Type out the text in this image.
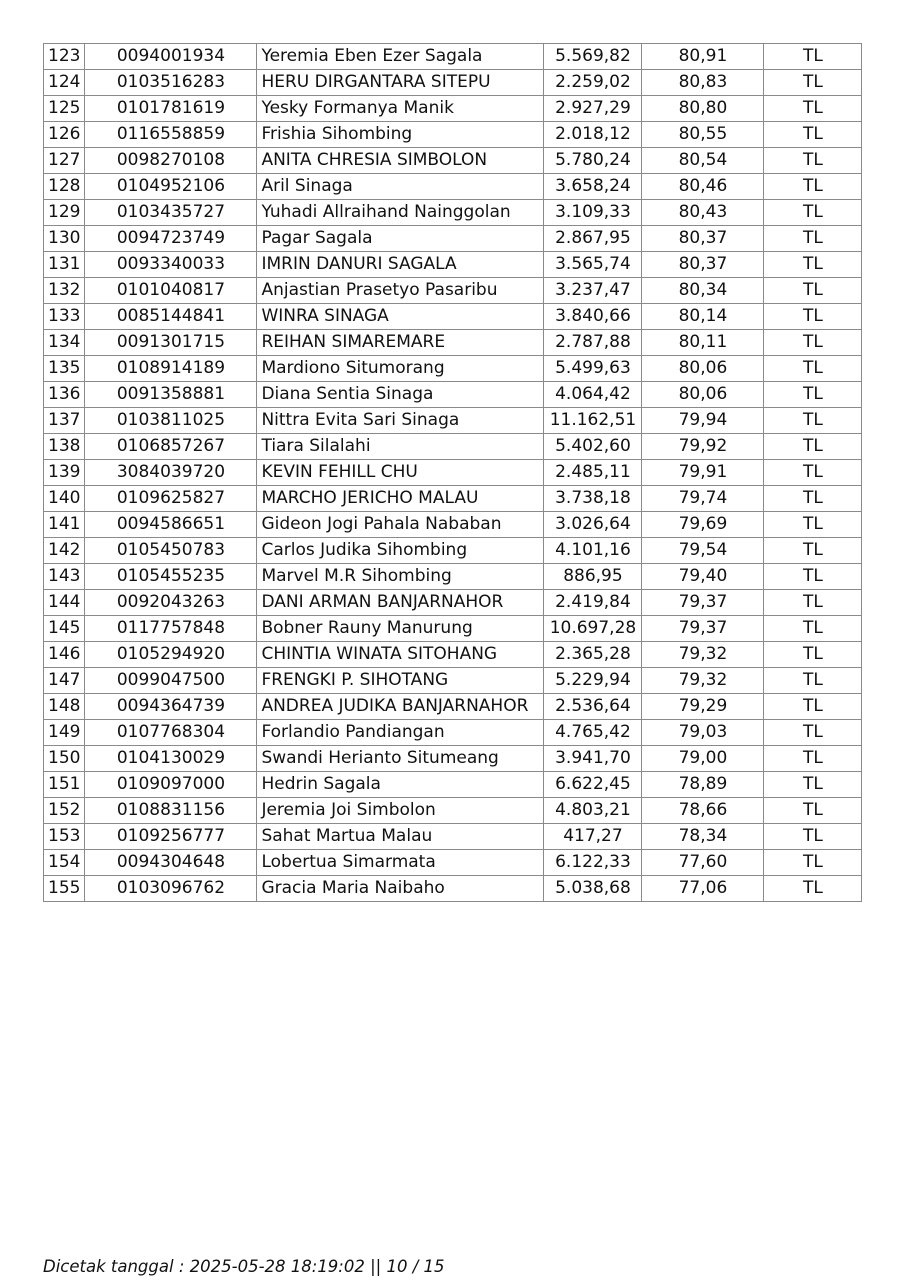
123	0094001934	Yeremia Eben Ezer Sagala	5.569,82	80,91	TL
124	0103516283	HERU DIRGANTARA SITEPU	2.259,02	80,83	TL
125	0101781619	Yesky Formanya Manik	2.927,29	80,80	TL
126	0116558859	Frishia Sihombing	2.018,12	80,55	TL
127	0098270108	ANITA CHRESIA SIMBOLON	5.780,24	80,54	TL
128	0104952106	Aril Sinaga	3.658,24	80,46	TL
129	0103435727	Yuhadi Allraihand Nainggolan	3.109,33	80,43	TL
130	0094723749	Pagar Sagala	2.867,95	80,37	TL
131	0093340033	IMRIN DANURI SAGALA	3.565,74	80,37	TL
132	0101040817	Anjastian Prasetyo Pasaribu	3.237,47	80,34	TL
133	0085144841	WINRA SINAGA	3.840,66	80,14	TL
134	0091301715	REIHAN SIMAREMARE	2.787,88	80,11	TL
135	0108914189	Mardiono Situmorang	5.499,63	80,06	TL
136	0091358881	Diana Sentia Sinaga	4.064,42	80,06	TL
137	0103811025	Nittra Evita Sari Sinaga	11.162,51	79,94	TL
138	0106857267	Tiara Silalahi	5.402,60	79,92	TL
139	3084039720	KEVIN FEHILL CHU	2.485,11	79,91	TL
140	0109625827	MARCHO JERICHO MALAU	3.738,18	79,74	TL
141	0094586651	Gideon Jogi Pahala Nababan	3.026,64	79,69	TL
142	0105450783	Carlos Judika Sihombing	4.101,16	79,54	TL
143	0105455235	Marvel M.R Sihombing	886,95	79,40	TL
144	0092043263	DANI ARMAN BANJARNAHOR	2.419,84	79,37	TL
145	0117757848	Bobner Rauny Manurung	10.697,28	79,37	TL
146	0105294920	CHINTIA WINATA SITOHANG	2.365,28	79,32	TL
147	0099047500	FRENGKI P. SIHOTANG	5.229,94	79,32	TL
148	0094364739	ANDREA JUDIKA BANJARNAHOR	2.536,64	79,29	TL
149	0107768304	Forlandio Pandiangan	4.765,42	79,03	TL
150	0104130029	Swandi Herianto Situmeang	3.941,70	79,00	TL
151	0109097000	Hedrin Sagala	6.622,45	78,89	TL
152	0108831156	Jeremia Joi Simbolon	4.803,21	78,66	TL
153	0109256777	Sahat Martua Malau	417,27	78,34	TL
154	0094304648	Lobertua Simarmata	6.122,33	77,60	TL
155	0103096762	Gracia Maria Naibaho	5.038,68	77,06	TL
Dicetak tanggal : 2025-05-28 18:19:02 || 10 / 15
